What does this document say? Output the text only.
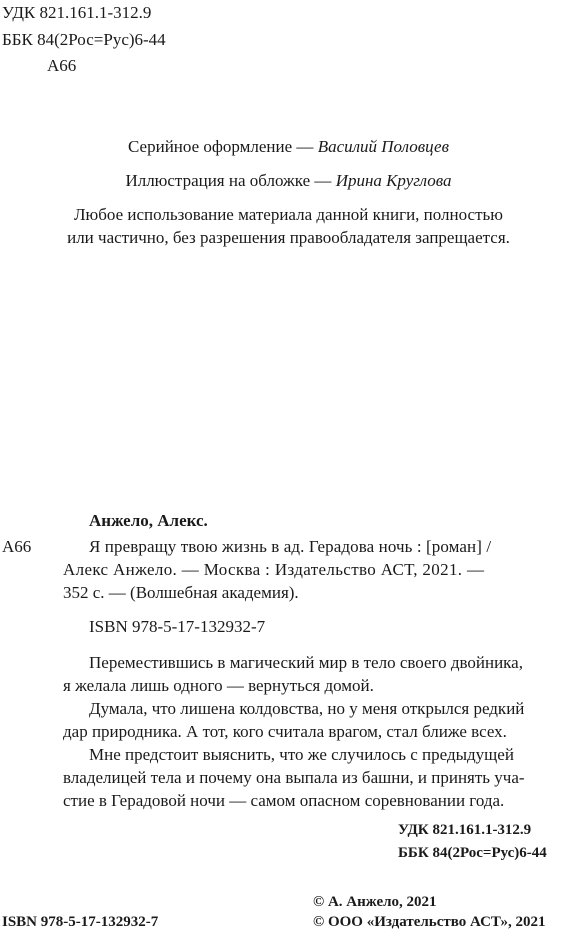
УДК 821.161.1-312.9
ББК 84(2Рос=Рус)6-44
А66
Серийное оформление — Василий Половцев
Иллюстрация на обложке — Ирина Круглова
Любое использование материала данной книги, полностью
или частично, без разрешения правообладателя запрещается.
Анжело, Алекс.
А66	Я превращу твою жизнь в ад. Герадова ночь : [роман] /
Алекс Анжело. — Москва : Издательство АСТ, 2021. —
352 с. — (Волшебная академия).
ISBN 978-5-17-132932-7
Переместившись в магический мир в тело своего двойника,
я желала лишь одного — вернуться домой.
Думала, что лишена колдовства, но у меня открылся редкий
дар природника. А тот, кого считала врагом, стал ближе всех.
Мне предстоит выяснить, что же случилось с предыдущей
владелицей тела и почему она выпала из башни, и принять уча-
стие в Герадовой ночи — самом опасном соревновании года.
УДК 821.161.1-312.9
ББК 84(2Рос=Рус)6-44
ISBN 978-5-17-132932-7
© А. Анжело, 2021
© ООО «Издательство АСТ», 2021
